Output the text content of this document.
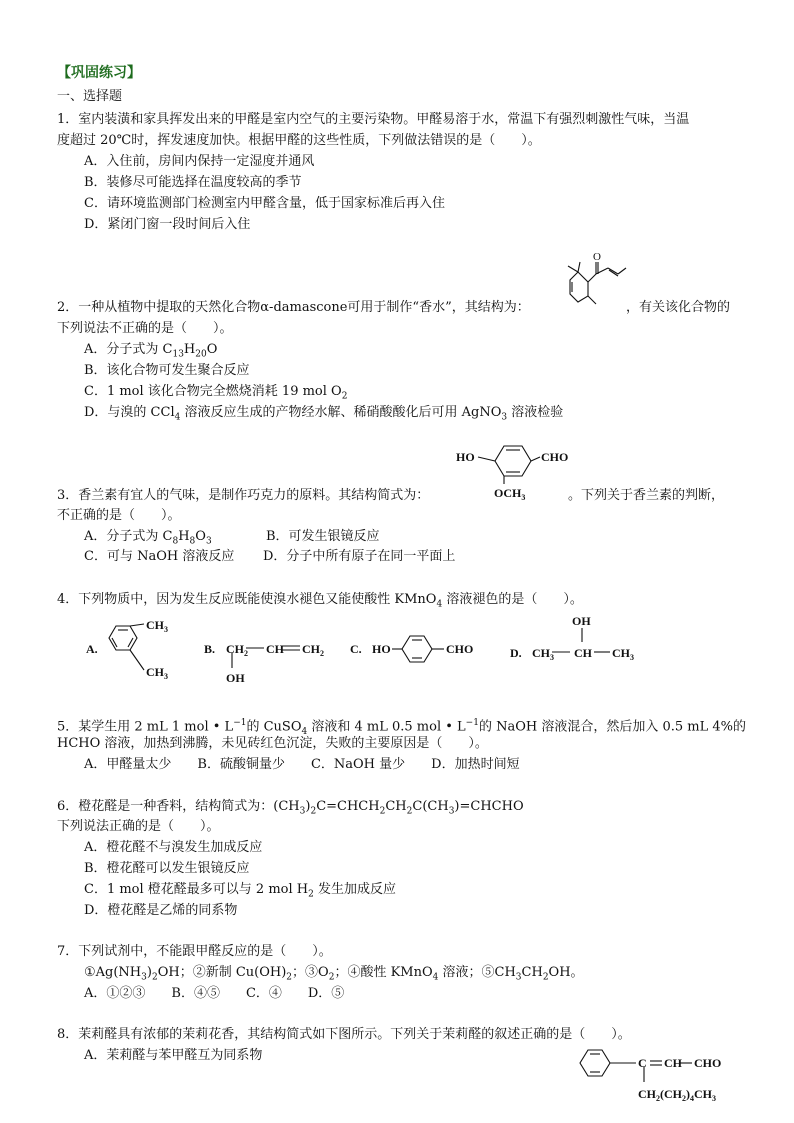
【巩固练习】
一、选择题
1．室内装潢和家具挥发出来的甲醛是室内空气的主要污染物。甲醛易溶于水，常温下有强烈刺激性气味，当温
度超过 20℃时，挥发速度加快。根据甲醛的这些性质，下列做法错误的是（　　）。
A．入住前，房间内保持一定湿度并通风
B．装修尽可能选择在温度较高的季节
C．请环境监测部门检测室内甲醛含量，低于国家标准后再入住
D．紧闭门窗一段时间后入住
2．一种从植物中提取的天然化合物α-damascone可用于制作“香水”，其结构为：	，有关该化合物的
O
下列说法不正确的是（　　）。
A．分子式为 $C_{13}H_{20}O$
B．该化合物可发生聚合反应
C．1 mol 该化合物完全燃烧消耗 19 mol $O_2$
D．与溴的 CCl$_4$ 溶液反应生成的产物经水解、稀硝酸酸化后可用 AgNO$_3$ 溶液检验
HO	CHO
$OCH_3$
3．香兰素有宜人的气味，是制作巧克力的原料。其结构简式为：	。下列关于香兰素的判断，
不正确的是（　　）。
A．分子式为 $C_8H_8O_3$	B．可发生银镜反应
C．可与 NaOH 溶液反应 D．分子中所有原子在同一平面上
4．下列物质中，因为发生反应既能使溴水褪色又能使酸性 KMnO$_4$ 溶液褪色的是（　　）。
A.
$CH_3$
$CH_3$
B. $CH_2$ CH $CH_2$
OH
C. HO	CHO	D. $CH_3$ CH $CH_3$
OH
5．某学生用 2 mL 1 mol • $L^{-1}$的 CuSO$_4$ 溶液和 4 mL 0.5 mol • $L^{-1}$的 NaOH 溶液混合，然后加入 0.5 mL 4%的
HCHO 溶液，加热到沸腾，未见砖红色沉淀，失败的主要原因是（　　）。
A．甲醛量太少　　B．硫酸铜量少　　C．NaOH 量少　　D．加热时间短
6．橙花醛是一种香料，结构简式为：$(CH_3)_2C=CHCH_2CH_2C(CH_3)=CHCHO$
下列说法正确的是（　　）。
A．橙花醛不与溴发生加成反应
B．橙花醛可以发生银镜反应
C．1 mol 橙花醛最多可以与 2 mol $H_2$ 发生加成反应
D．橙花醛是乙烯的同系物
7．下列试剂中，不能跟甲醛反应的是（　　）。
$①Ag(NH_3)_2OH$；②新制 $Cu(OH)_2$；$③O_2$；④酸性 KMnO$_4$ 溶液；$⑤CH_3CH_2OH$。
A．①②③　　B．④⑤　　C．④　　D．⑤
8．茉莉醛具有浓郁的茉莉花香，其结构简式如下图所示。下列关于茉莉醛的叙述正确的是（　　）。
A．茉莉醛与苯甲醛互为同系物	C CH CHO
$CH_2(CH_2)_4CH_3$
